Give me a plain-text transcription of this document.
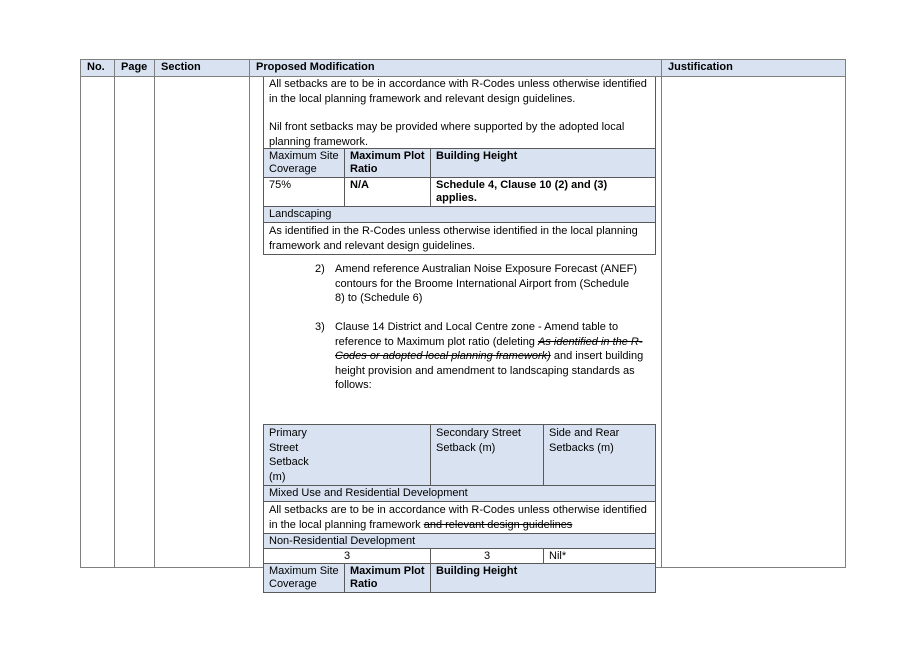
No.	Page	Section	Proposed Modification	Justification
All setbacks are to be in accordance with R-Codes unless otherwise identified in the local planning framework and relevant design guidelines.
Nil front setbacks may be provided where supported by the adopted local planning framework.
Maximum Site Coverage	Maximum Plot Ratio	Building Height
75%	N/A	Schedule 4, Clause 10 (2) and (3) applies.
Landscaping		
As identified in the R-Codes unless otherwise identified in the local planning framework and relevant design guidelines.		
2) Amend reference Australian Noise Exposure Forecast (ANEF) contours for the Broome International Airport from (Schedule 8) to (Schedule 6)
3) Clause 14 District and Local Centre zone - Amend table to reference to Maximum plot ratio (deleting As identified in the R-Codes or adopted local planning framework) and insert building height provision and amendment to landscaping standards as follows:
Primary Street Setback (m)		Secondary Street Setback (m)	Side and Rear Setbacks (m)
Mixed Use and Residential Development			
All setbacks are to be in accordance with R-Codes unless otherwise identified in the local planning framework and relevant design guidelines			
Non-Residential Development			
3		3	Nil*
Maximum Site Coverage	Maximum Plot Ratio	Building Height	
